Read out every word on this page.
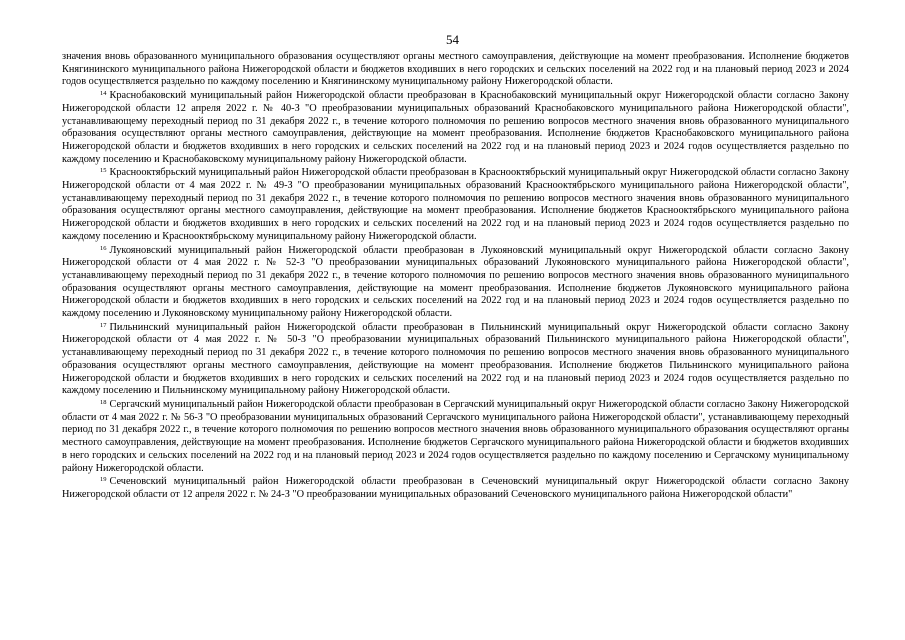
54

значения вновь образованного муниципального образования осуществляют органы местного самоуправления, действующие на момент преобразования. Исполнение бюджетов Княгининского муниципального района Нижегородской области и бюджетов входивших в него городских и сельских поселений на 2022 год и на плановый период 2023 и 2024 годов осуществляется раздельно по каждому поселению и Княгининскому муниципальному району Нижегородской области.

$^{14}$ Краснобаковский муниципальный район Нижегородской области преобразован в Краснобаковский муниципальный округ Нижегородской области согласно Закону Нижегородской области 12 апреля 2022 г. № 40-З "О преобразовании муниципальных образований Краснобаковского муниципального района Нижегородской области", устанавливающему переходный период по 31 декабря 2022 г., в течение которого полномочия по решению вопросов местного значения вновь образованного муниципального образования осуществляют органы местного самоуправления, действующие на момент преобразования. Исполнение бюджетов Краснобаковского муниципального района Нижегородской области и бюджетов входивших в него городских и сельских поселений на 2022 год и на плановый период 2023 и 2024 годов осуществляется раздельно по каждому поселению и Краснобаковскому муниципальному району Нижегородской области.

$^{15}$ Краснооктябрьский муниципальный район Нижегородской области преобразован в Краснооктябрьский муниципальный округ Нижегородской области согласно Закону Нижегородской области от 4 мая 2022 г. № 49-З "О преобразовании муниципальных образований Краснооктябрьского муниципального района Нижегородской области", устанавливающему переходный период по 31 декабря 2022 г., в течение которого полномочия по решению вопросов местного значения вновь образованного муниципального образования осуществляют органы местного самоуправления, действующие на момент преобразования. Исполнение бюджетов Краснооктябрьского муниципального района Нижегородской области и бюджетов входивших в него городских и сельских поселений на 2022 год и на плановый период 2023 и 2024 годов осуществляется раздельно по каждому поселению и Краснооктябрьскому муниципальному району Нижегородской области.

$^{16}$ Лукояновский муниципальный район Нижегородской области преобразован в Лукояновский муниципальный округ Нижегородской области согласно Закону Нижегородской области от 4 мая 2022 г. № 52-З "О преобразовании муниципальных образований Лукояновского муниципального района Нижегородской области", устанавливающему переходный период по 31 декабря 2022 г., в течение которого полномочия по решению вопросов местного значения вновь образованного муниципального образования осуществляют органы местного самоуправления, действующие на момент преобразования. Исполнение бюджетов Лукояновского муниципального района Нижегородской области и бюджетов входивших в него городских и сельских поселений на 2022 год и на плановый период 2023 и 2024 годов осуществляется раздельно по каждому поселению и Лукояновскому муниципальному району Нижегородской области.

$^{17}$ Пильнинский муниципальный район Нижегородской области преобразован в Пильнинский муниципальный округ Нижегородской области согласно Закону Нижегородской области от 4 мая 2022 г. № 50-З "О преобразовании муниципальных образований Пильнинского муниципального района Нижегородской области", устанавливающему переходный период по 31 декабря 2022 г., в течение которого полномочия по решению вопросов местного значения вновь образованного муниципального образования осуществляют органы местного самоуправления, действующие на момент преобразования. Исполнение бюджетов Пильнинского муниципального района Нижегородской области и бюджетов входивших в него городских и сельских поселений на 2022 год и на плановый период 2023 и 2024 годов осуществляется раздельно по каждому поселению и Пильнинскому муниципальному району Нижегородской области.

$^{18}$ Сергачский муниципальный район Нижегородской области преобразован в Сергачский муниципальный округ Нижегородской области согласно Закону Нижегородской области от 4 мая 2022 г. № 56-З "О преобразовании муниципальных образований Сергачского муниципального района Нижегородской области", устанавливающему переходный период по 31 декабря 2022 г., в течение которого полномочия по решению вопросов местного значения вновь образованного муниципального образования осуществляют органы местного самоуправления, действующие на момент преобразования. Исполнение бюджетов Сергачского муниципального района Нижегородской области и бюджетов входивших в него городских и сельских поселений на 2022 год и на плановый период 2023 и 2024 годов осуществляется раздельно по каждому поселению и Сергачскому муниципальному району Нижегородской области.

$^{19}$ Сеченовский муниципальный район Нижегородской области преобразован в Сеченовский муниципальный округ Нижегородской области согласно Закону Нижегородской области от 12 апреля 2022 г. № 24-З "О преобразовании муниципальных образований Сеченовского муниципального района Нижегородской области"
